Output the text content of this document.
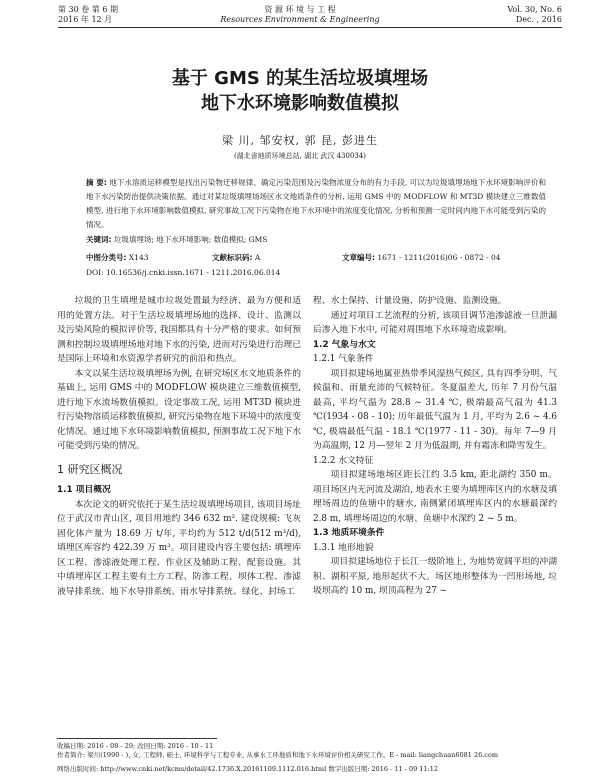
第 30 卷 第 6 期
2016 年 12 月
资 源 环 境 与 工 程
Resources Environment & Engineering
Vol. 30, No. 6
Dec. , 2016
基于 GMS 的某生活垃圾填埋场
地下水环境影响数值模拟
梁 川, 邹安权, 郭 昆, 彭进生
(湖北省地质环境总站, 湖北 武汉 430034)
摘 要: 地下水溶质运移模型是找出污染物迁移规律、确定污染范围及污染物浓度分布的有力手段, 可以为垃圾填埋场地下水环境影响评价和地下水污染防治提供决策依据。通过对某垃圾填埋场场区水文地质条件的分析, 运用 GMS 中的 MODFLOW 和 MT3D 模块建立三维数值模型, 进行地下水环境影响数值模拟, 研究事故工况下污染物在地下水环境中的浓度变化情况, 分析和预测一定时间内地下水可能受到污染的情况。
关键词: 垃圾填埋场; 地下水环境影响; 数值模拟; GMS
中图分类号: X143	文献标识码: A	文章编号: 1671 - 1211(2016)06 - 0872 - 04
DOI: 10.16536/j.cnki.issn.1671 - 1211.2016.06.014

垃圾的卫生填埋是城市垃圾处置最为经济、最为方便和适用的处置方法。对于生活垃圾填埋场地的选择、设计、监测以及污染风险的模拟评价等, 我国都具有十分严格的要求。如何预测和控制垃圾填埋场地对地下水的污染, 进而对污染进行治理已是国际上环境和水资源学者研究的前沿和热点。

本文以某生活垃圾填埋场为例, 在研究场区水文地质条件的基础上, 运用 GMS 中的 MODFLOW 模块建立三维数值模型, 进行地下水流场数值模拟。设定事故工况, 运用 MT3D 模块进行污染物溶质运移数值模拟, 研究污染物在地下环境中的浓度变化情况。通过地下水环境影响数值模拟, 预测事故工况下地下水可能受到污染的情况。

1 研究区概况
1.1 项目概况

本次论文的研究依托于某生活垃圾填埋场项目, 该项目场址位于武汉市青山区, 项目用地约 346 632 m². 建设规模: 飞灰固化体产量为 18.69 万 t/年, 平均约为 512 t/d(512 m³/d), 填埋区库容约 422.39 万 m³。项目建设内容主要包括: 填埋库区工程、渗滤液处理工程、作业区及辅助工程、配套设施。其中填埋库区工程主要有土方工程、防渗工程、坝体工程、渗滤液导排系统、地下水导排系统、雨水导排系统、绿化、封场工

程、水土保持、计量设施、防护设施、监测设施。

通过对项目工艺流程的分析, 该项目调节池渗滤液一旦泄漏后渗入地下水中, 可能对周围地下水环境造成影响。

1.2 气象与水文
1.2.1 气象条件

项目拟建场地属亚热带季风湿热气候区, 具有四季分明、气候温和、雨量充沛的气候特征。冬夏温差大, 历年 7 月份气温最高, 平均气温为 28.8 ~ 31.4 ℃, 极端最高气温为 41.3 ℃(1934 - 08 - 10); 历年最低气温为 1 月, 平均为 2.6 ~ 4.6 ℃, 极端最低气温 - 18.1 ℃(1977 - 11 - 30)。每年 7—9 月为高温期, 12 月—翌年 2 月为低温期, 并有霜冻和降雪发生。

1.2.2 水文特征

项目拟建场地场区距长江约 3.5 km, 距北湖约 350 m。项目场区内无河流及湖泊, 地表水主要为填埋库区内的水塘及填埋场周边的鱼塘中的塘水, 南侧紧闭填埋库区内的水塘最深约 2.8 m, 填埋场周边的水塘、鱼塘中水深约 2 ~ 5 m。

1.3 地质环境条件
1.3.1 地形地貌

项目拟建场地位于长江一级阶地上, 为地势宽阔平坦的冲湖积、湖积平原, 地形起伏不大。场区地形整体为一凹形场地, 垃圾坝高约 10 m, 坝顶高程为 27 ~

收稿日期: 2016 - 08 - 29; 改回日期: 2016 - 10 - 11
作者简介: 梁川(1990 - ), 女, 工程师, 硕士, 环境科学与工程专业, 从事水工环地质和地下水环境评价相关研究工作。E - mail: liangchuan6081 26.com
网络出版时间: http://www.cnki.net/kcms/detail/42.1736.X.20161109.1112.016.html 数字出版日期: 2016 - 11 - 09 11:12
